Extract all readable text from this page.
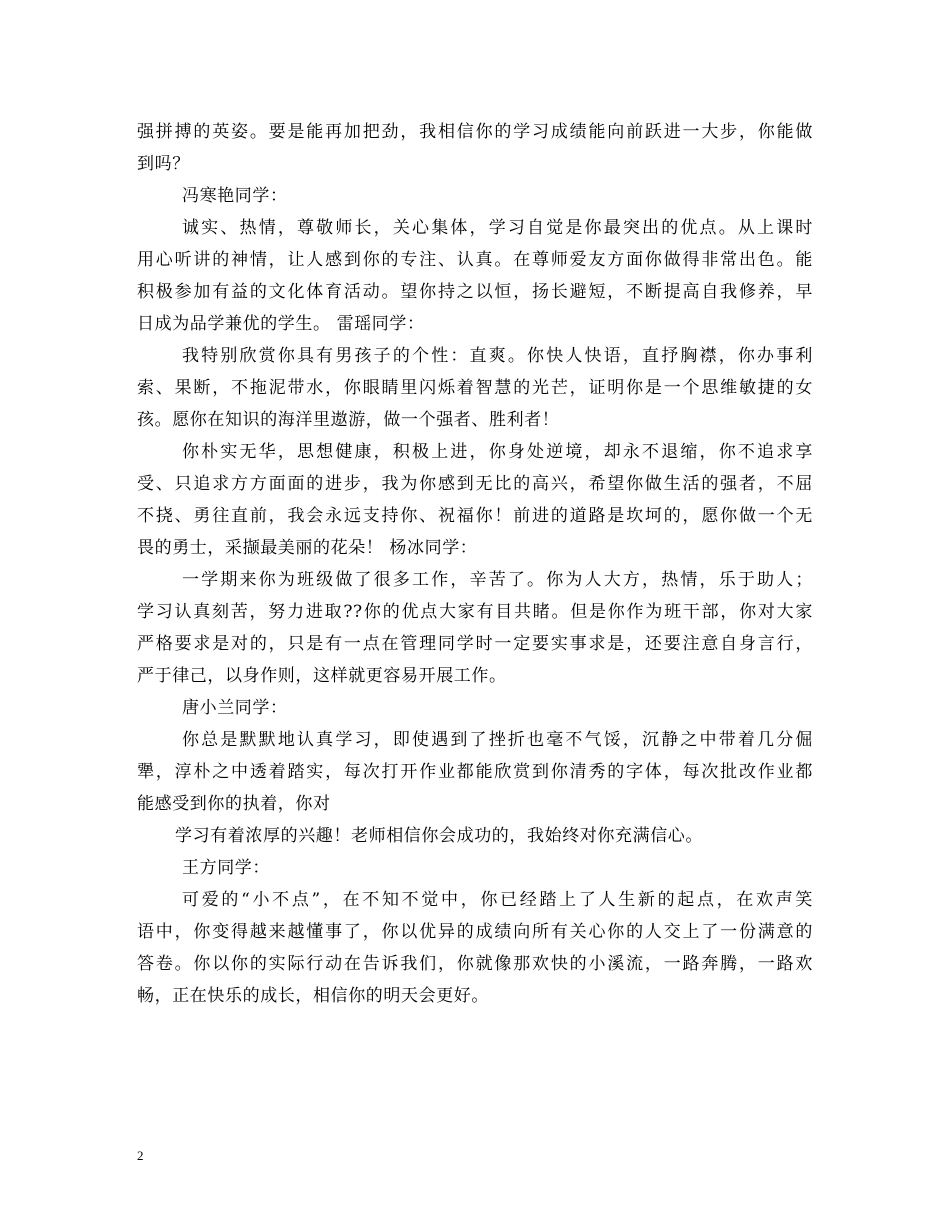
强拼搏的英姿。要是能再加把劲，我相信你的学习成绩能向前跃进一大步，你能做
到吗？
冯寒艳同学：
诚实、热情，尊敬师长，关心集体，学习自觉是你最突出的优点。从上课时
用心听讲的神情，让人感到你的专注、认真。在尊师爱友方面你做得非常出色。能
积极参加有益的文化体育活动。望你持之以恒，扬长避短，不断提高自我修养，早
日成为品学兼优的学生。 雷瑶同学：
我特别欣赏你具有男孩子的个性：直爽。你快人快语，直抒胸襟，你办事利
索、果断，不拖泥带水，你眼睛里闪烁着智慧的光芒，证明你是一个思维敏捷的女
孩。愿你在知识的海洋里遨游，做一个强者、胜利者！
你朴实无华，思想健康，积极上进，你身处逆境，却永不退缩，你不追求享
受、只追求方方面面的进步，我为你感到无比的高兴，希望你做生活的强者，不屈
不挠、勇往直前，我会永远支持你、祝福你！前进的道路是坎坷的，愿你做一个无
畏的勇士，采撷最美丽的花朵！ 杨冰同学：
一学期来你为班级做了很多工作，辛苦了。你为人大方，热情，乐于助人；
学习认真刻苦，努力进取??你的优点大家有目共睹。但是你作为班干部，你对大家
严格要求是对的，只是有一点在管理同学时一定要实事求是，还要注意自身言行，
严于律己，以身作则，这样就更容易开展工作。
唐小兰同学：
你总是默默地认真学习，即使遇到了挫折也毫不气馁，沉静之中带着几分倔
犟，淳朴之中透着踏实，每次打开作业都能欣赏到你清秀的字体，每次批改作业都
能感受到你的执着，你对
学习有着浓厚的兴趣！老师相信你会成功的，我始终对你充满信心。
王方同学：
可爱的“小不点”，在不知不觉中，你已经踏上了人生新的起点，在欢声笑
语中，你变得越来越懂事了，你以优异的成绩向所有关心你的人交上了一份满意的
答卷。你以你的实际行动在告诉我们，你就像那欢快的小溪流，一路奔腾，一路欢
畅，正在快乐的成长，相信你的明天会更好。
2
